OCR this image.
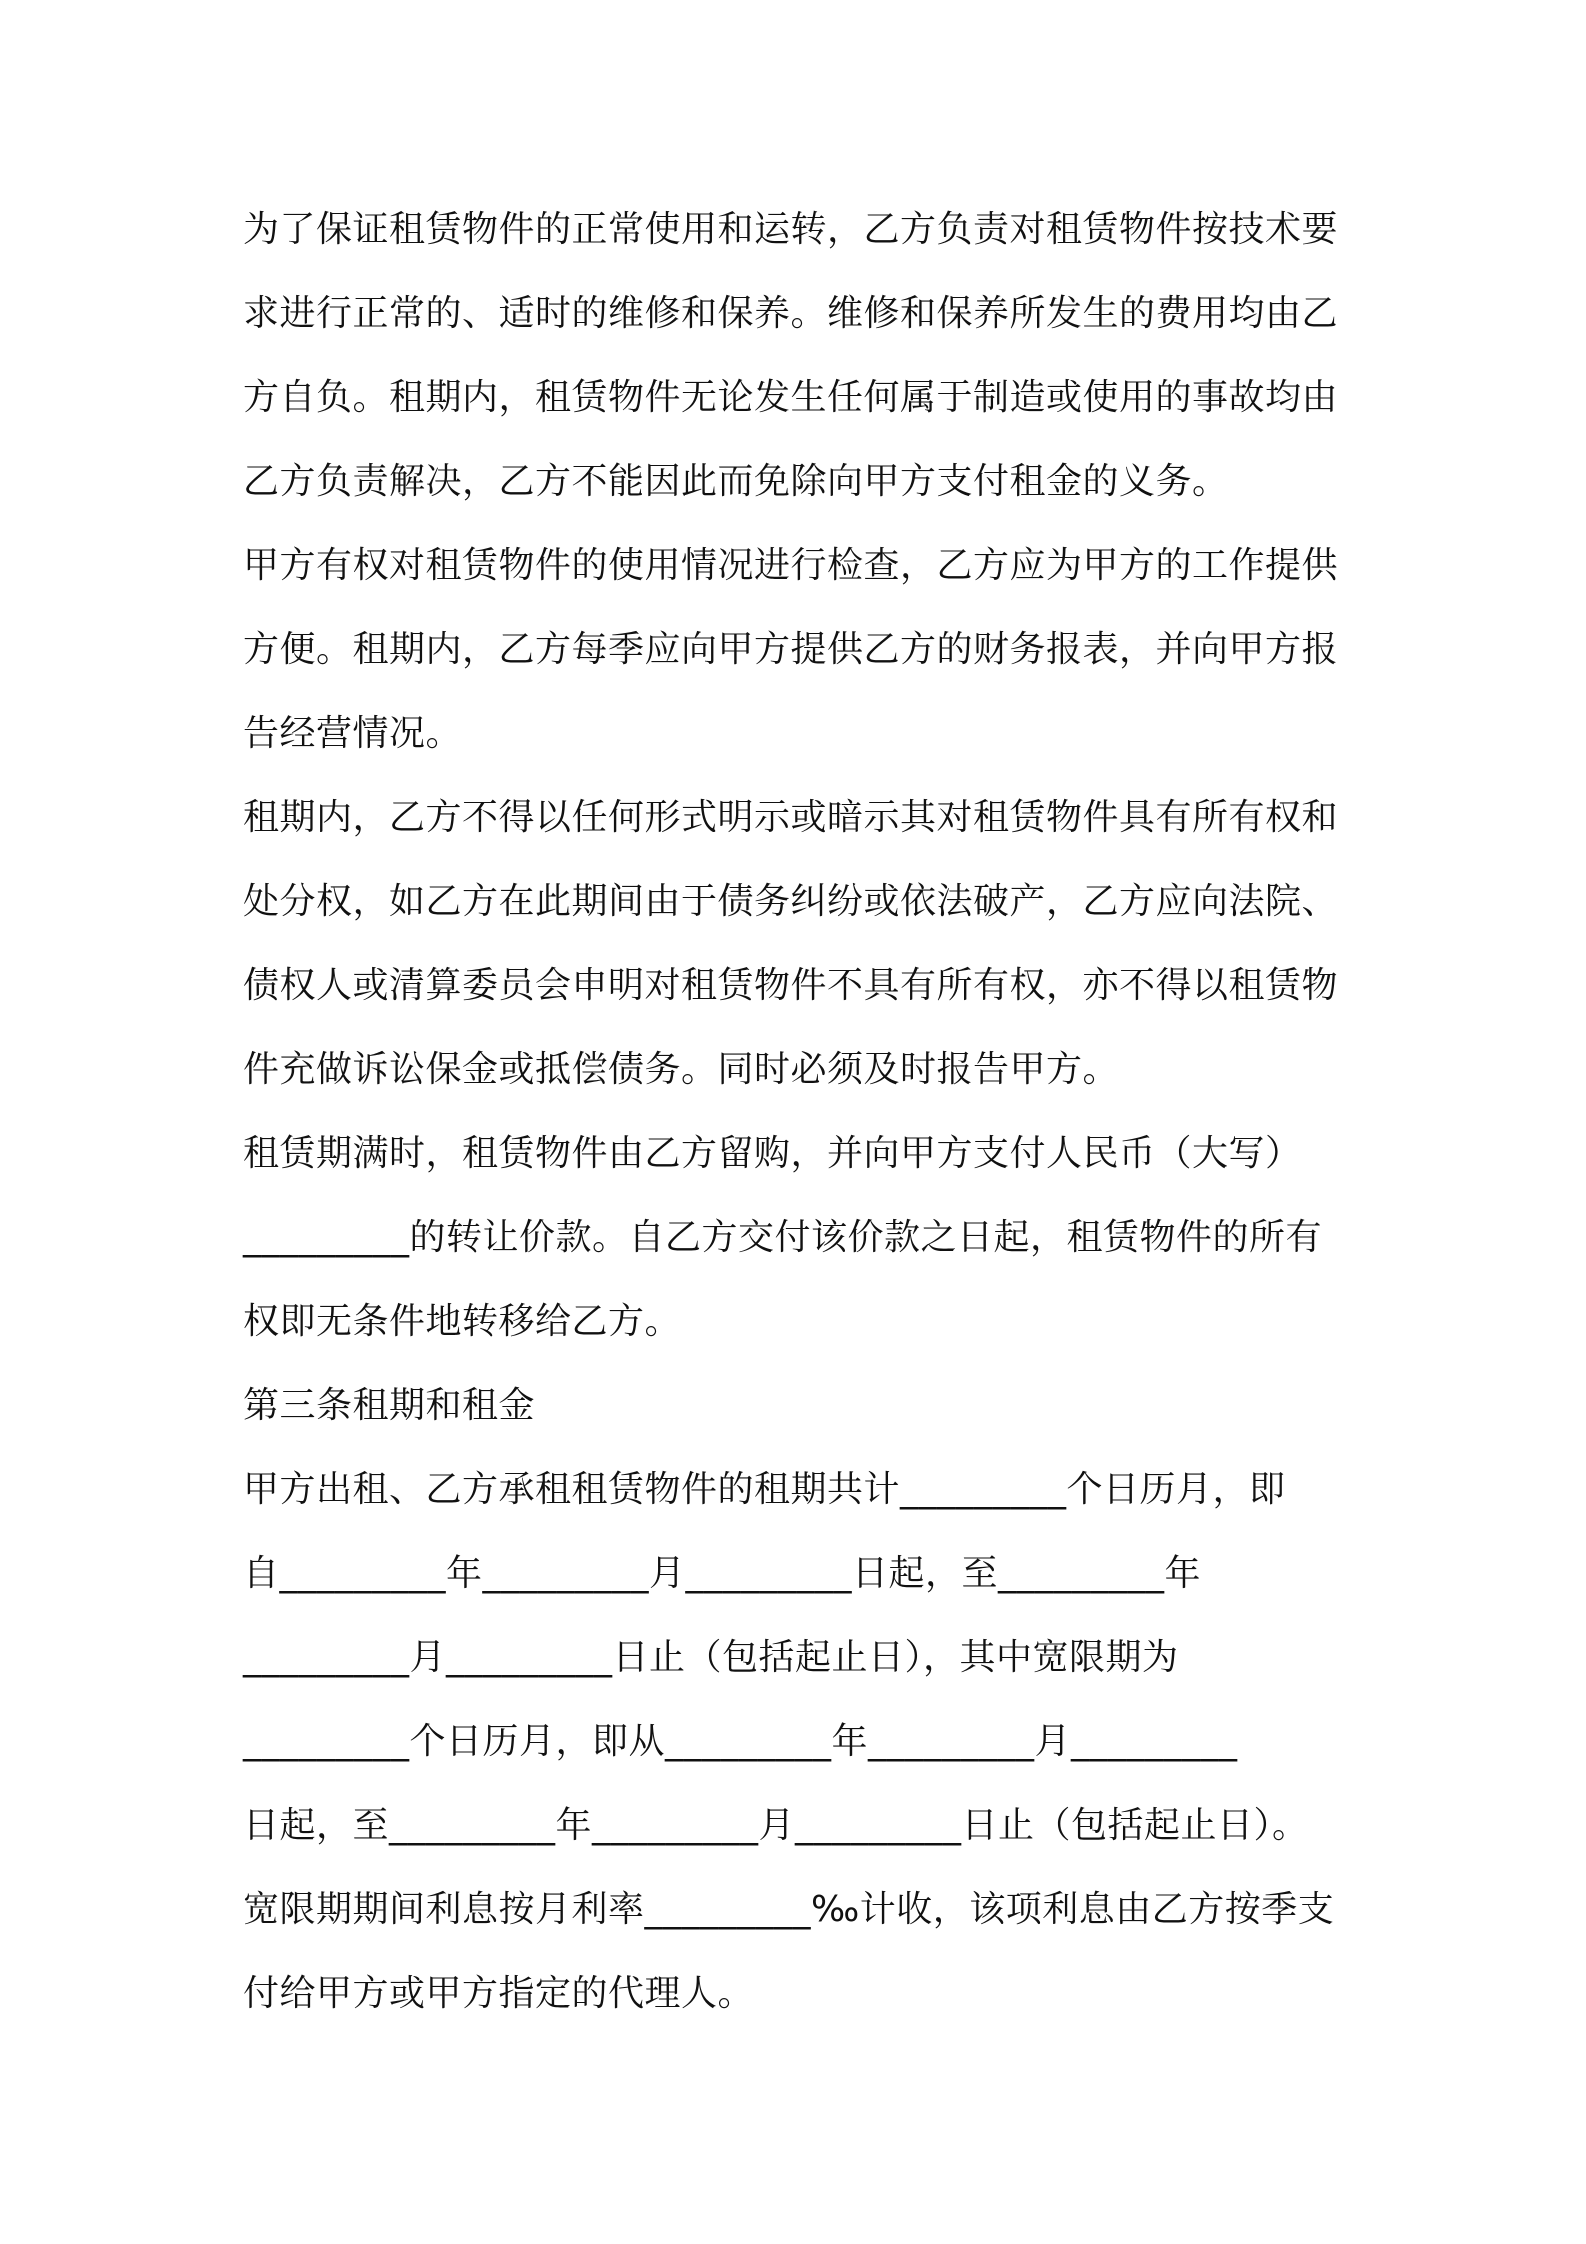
为了保证租赁物件的正常使用和运转，乙方负责对租赁物件按技术要
求进行正常的、适时的维修和保养。维修和保养所发生的费用均由乙
方自负。租期内，租赁物件无论发生任何属于制造或使用的事故均由
乙方负责解决，乙方不能因此而免除向甲方支付租金的义务。
甲方有权对租赁物件的使用情况进行检查，乙方应为甲方的工作提供
方便。租期内，乙方每季应向甲方提供乙方的财务报表，并向甲方报
告经营情况。
租期内，乙方不得以任何形式明示或暗示其对租赁物件具有所有权和
处分权，如乙方在此期间由于债务纠纷或依法破产，乙方应向法院、
债权人或清算委员会申明对租赁物件不具有所有权，亦不得以租赁物
件充做诉讼保金或抵偿债务。同时必须及时报告甲方。
租赁期满时，租赁物件由乙方留购，并向甲方支付人民币（大写）
_________的转让价款。自乙方交付该价款之日起，租赁物件的所有
权即无条件地转移给乙方。
第三条租期和租金
甲方出租、乙方承租租赁物件的租期共计_________个日历月，即
自_________年_________月_________日起，至_________年
_________月_________日止（包括起止日），其中宽限期为
_________个日历月，即从_________年_________月_________
日起，至_________年_________月_________日止（包括起止日）。
宽限期期间利息按月利率_________‰计收，该项利息由乙方按季支
付给甲方或甲方指定的代理人。
